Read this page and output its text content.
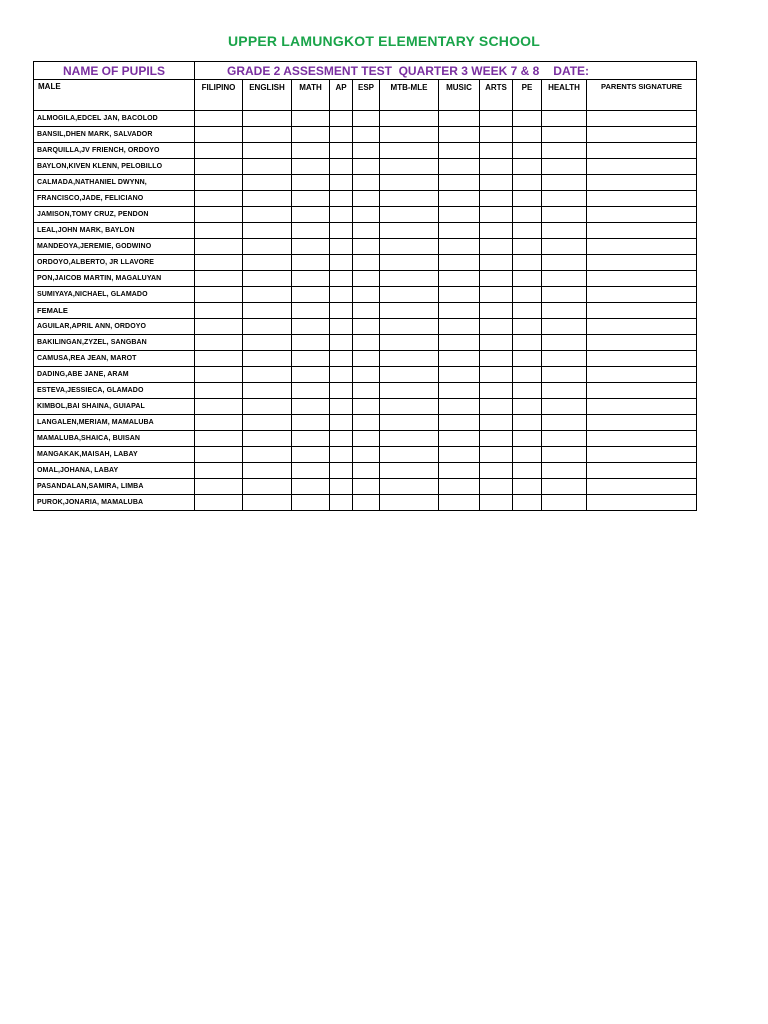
UPPER LAMUNGKOT ELEMENTARY SCHOOL
NAME OF PUPILS	GRADE 2 ASSESMENT TEST  QUARTER 3 WEEK 7 & 8 DATE:										
MALE	FILIPINO	ENGLISH	MATH	AP	ESP	MTB-MLE	MUSIC	ARTS	PE	HEALTH	PARENTS SIGNATURE
ALMOGILA,EDCEL JAN, BACOLOD											
BANSIL,DHEN MARK, SALVADOR											
BARQUILLA,JV FRIENCH, ORDOYO											
BAYLON,KIVEN KLENN, PELOBILLO											
CALMADA,NATHANIEL DWYNN,											
FRANCISCO,JADE, FELICIANO											
JAMISON,TOMY CRUZ, PENDON											
LEAL,JOHN MARK, BAYLON											
MANDEOYA,JEREMIE, GODWINO											
ORDOYO,ALBERTO, JR LLAVORE											
PON,JAICOB MARTIN, MAGALUYAN											
SUMIYAYA,NICHAEL, GLAMADO											
FEMALE											
AGUILAR,APRIL ANN, ORDOYO											
BAKILINGAN,ZYZEL, SANGBAN											
CAMUSA,REA JEAN, MAROT											
DADING,ABE JANE, ARAM											
ESTEVA,JESSIECA, GLAMADO											
KIMBOL,BAI SHAINA, GUIAPAL											
LANGALEN,MERIAM, MAMALUBA											
MAMALUBA,SHAICA, BUISAN											
MANGAKAK,MAISAH, LABAY											
OMAL,JOHANA, LABAY											
PASANDALAN,SAMIRA, LIMBA											
PUROK,JONARIA, MAMALUBA											
